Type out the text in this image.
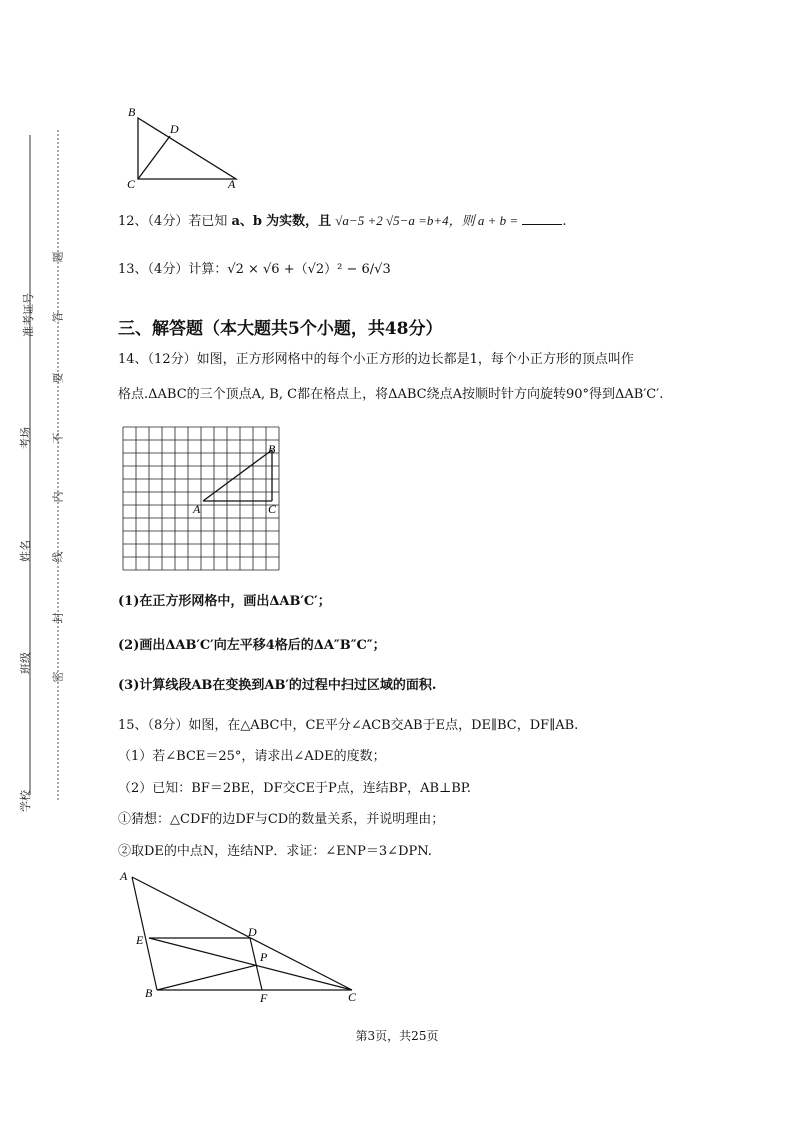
准考证号
考场
姓名
班级
学校
题
答
要
不
内
线
封
密
B
D
C	A
12、（4分）若已知 a、b 为实数，且 √a−5 +2 √5−a =b+4，则 a + b =	.
13、（4分）计算：√2 × √6 +（√2）² − 6/√3
三、解答题（本大题共5个小题，共48分）
14、（12分）如图，正方形网格中的每个小正方形的边长都是1，每个小正方形的顶点叫作
格点.ΔABC的三个顶点A, B, C都在格点上，将ΔABC绕点A按顺时针方向旋转90°得到ΔAB′C′.
A
B
C
(1)在正方形网格中，画出ΔAB′C′；
(2)画出ΔAB′C′向左平移4格后的ΔA″B″C″；
(3)计算线段AB在变换到AB′的过程中扫过区域的面积.
15、（8分）如图，在△ABC中，CE平分∠ACB交AB于E点，DE∥BC，DF∥AB.
（1）若∠BCE＝25°，请求出∠ADE的度数；
（2）已知：BF＝2BE，DF交CE于P点，连结BP，AB⊥BP.
①猜想：△CDF的边DF与CD的数量关系，并说明理由；
②取DE的中点N，连结NP．求证：∠ENP＝3∠DPN.
A
D
E
P
B	F	C
第3页，共25页
